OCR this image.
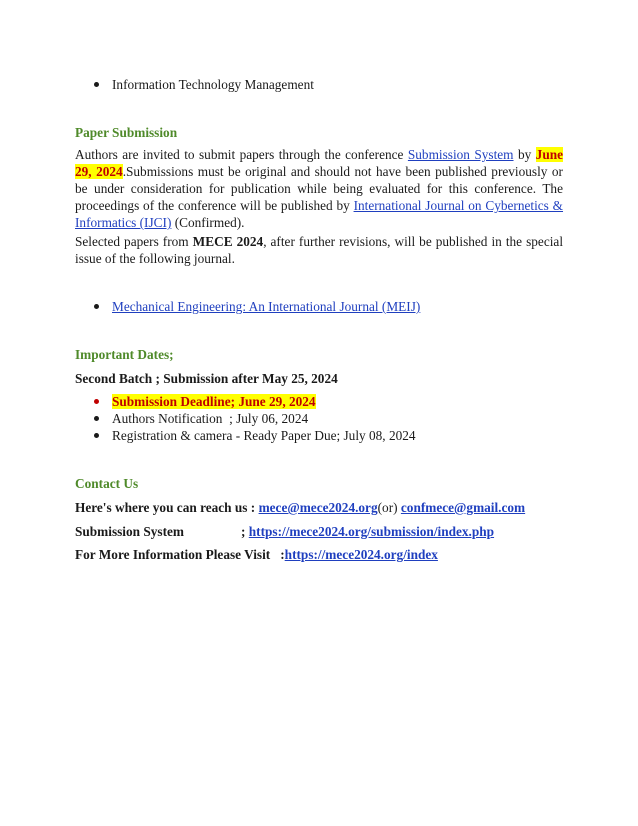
Information Technology Management
Paper Submission

Authors are invited to submit papers through the conference Submission System by June 29, 2024.Submissions must be original and should not have been published previously or be under consideration for publication while being evaluated for this conference. The proceedings of the conference will be published by International Journal on Cybernetics & Informatics (IJCI) (Confirmed).

Selected papers from MECE 2024, after further revisions, will be published in the special issue of the following journal.

Mechanical Engineering: An International Journal (MEIJ)
Important Dates;
Second Batch ; Submission after May 25, 2024
Submission Deadline; June 29, 2024
Authors Notification  ; July 06, 2024
Registration & camera - Ready Paper Due; July 08, 2024
Contact Us
Here's where you can reach us : mece@mece2024.org(or) confmece@gmail.com
Submission System	; https://mece2024.org/submission/index.php
For More Information Please Visit :https://mece2024.org/index
